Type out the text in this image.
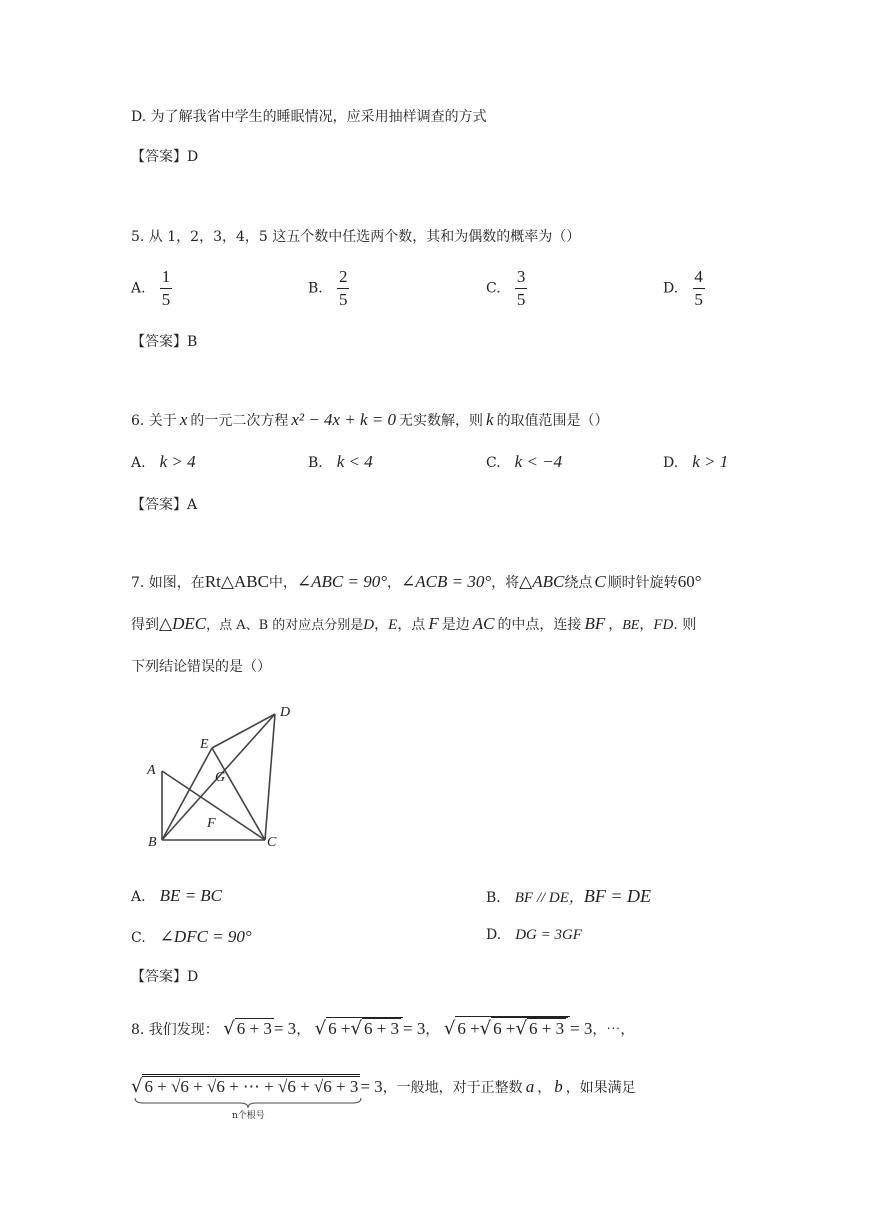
D. 为了解我省中学生的睡眠情况，应采用抽样调查的方式
【答案】D
5. 从 1，2，3，4，5 这五个数中任选两个数，其和为偶数的概率为（）
A. $\frac{1}{5}$	B. $\frac{2}{5}$	C. $\frac{3}{5}$	D. $\frac{4}{5}$
【答案】B
6. 关于 x 的一元二次方程 x² − 4x + k = 0 无实数解，则 k 的取值范围是（）
A. k > 4	B. k < 4	C. k < −4	D. k > 1
【答案】A
7. 如图，在Rt△ABC中，∠ABC = 90°，∠ACB = 30°，将△ABC绕点 C 顺时针旋转60°
得到△DEC，点 A、B 的对应点分别是D，E，点 F 是边 AC 的中点，连接 BF ，BE，FD. 则
下列结论错误的是（）
A
B	C
D
E
F
G
A. BE = BC	B. BF // DE，BF = DE
C. ∠DFC = 90°	D. DG = 3GF
【答案】D
8. 我们发现： √ 6 + 3 = 3， √ 6 +√ 6 + 3 = 3， √ 6 +√ 6 +√ 6 + 3 = 3，⋯，
√ 6 + √6 + √6 + ⋯ + √6 + √6 + 3 = 3，一般地，对于正整数 a ， b ，如果满足
n个根号
